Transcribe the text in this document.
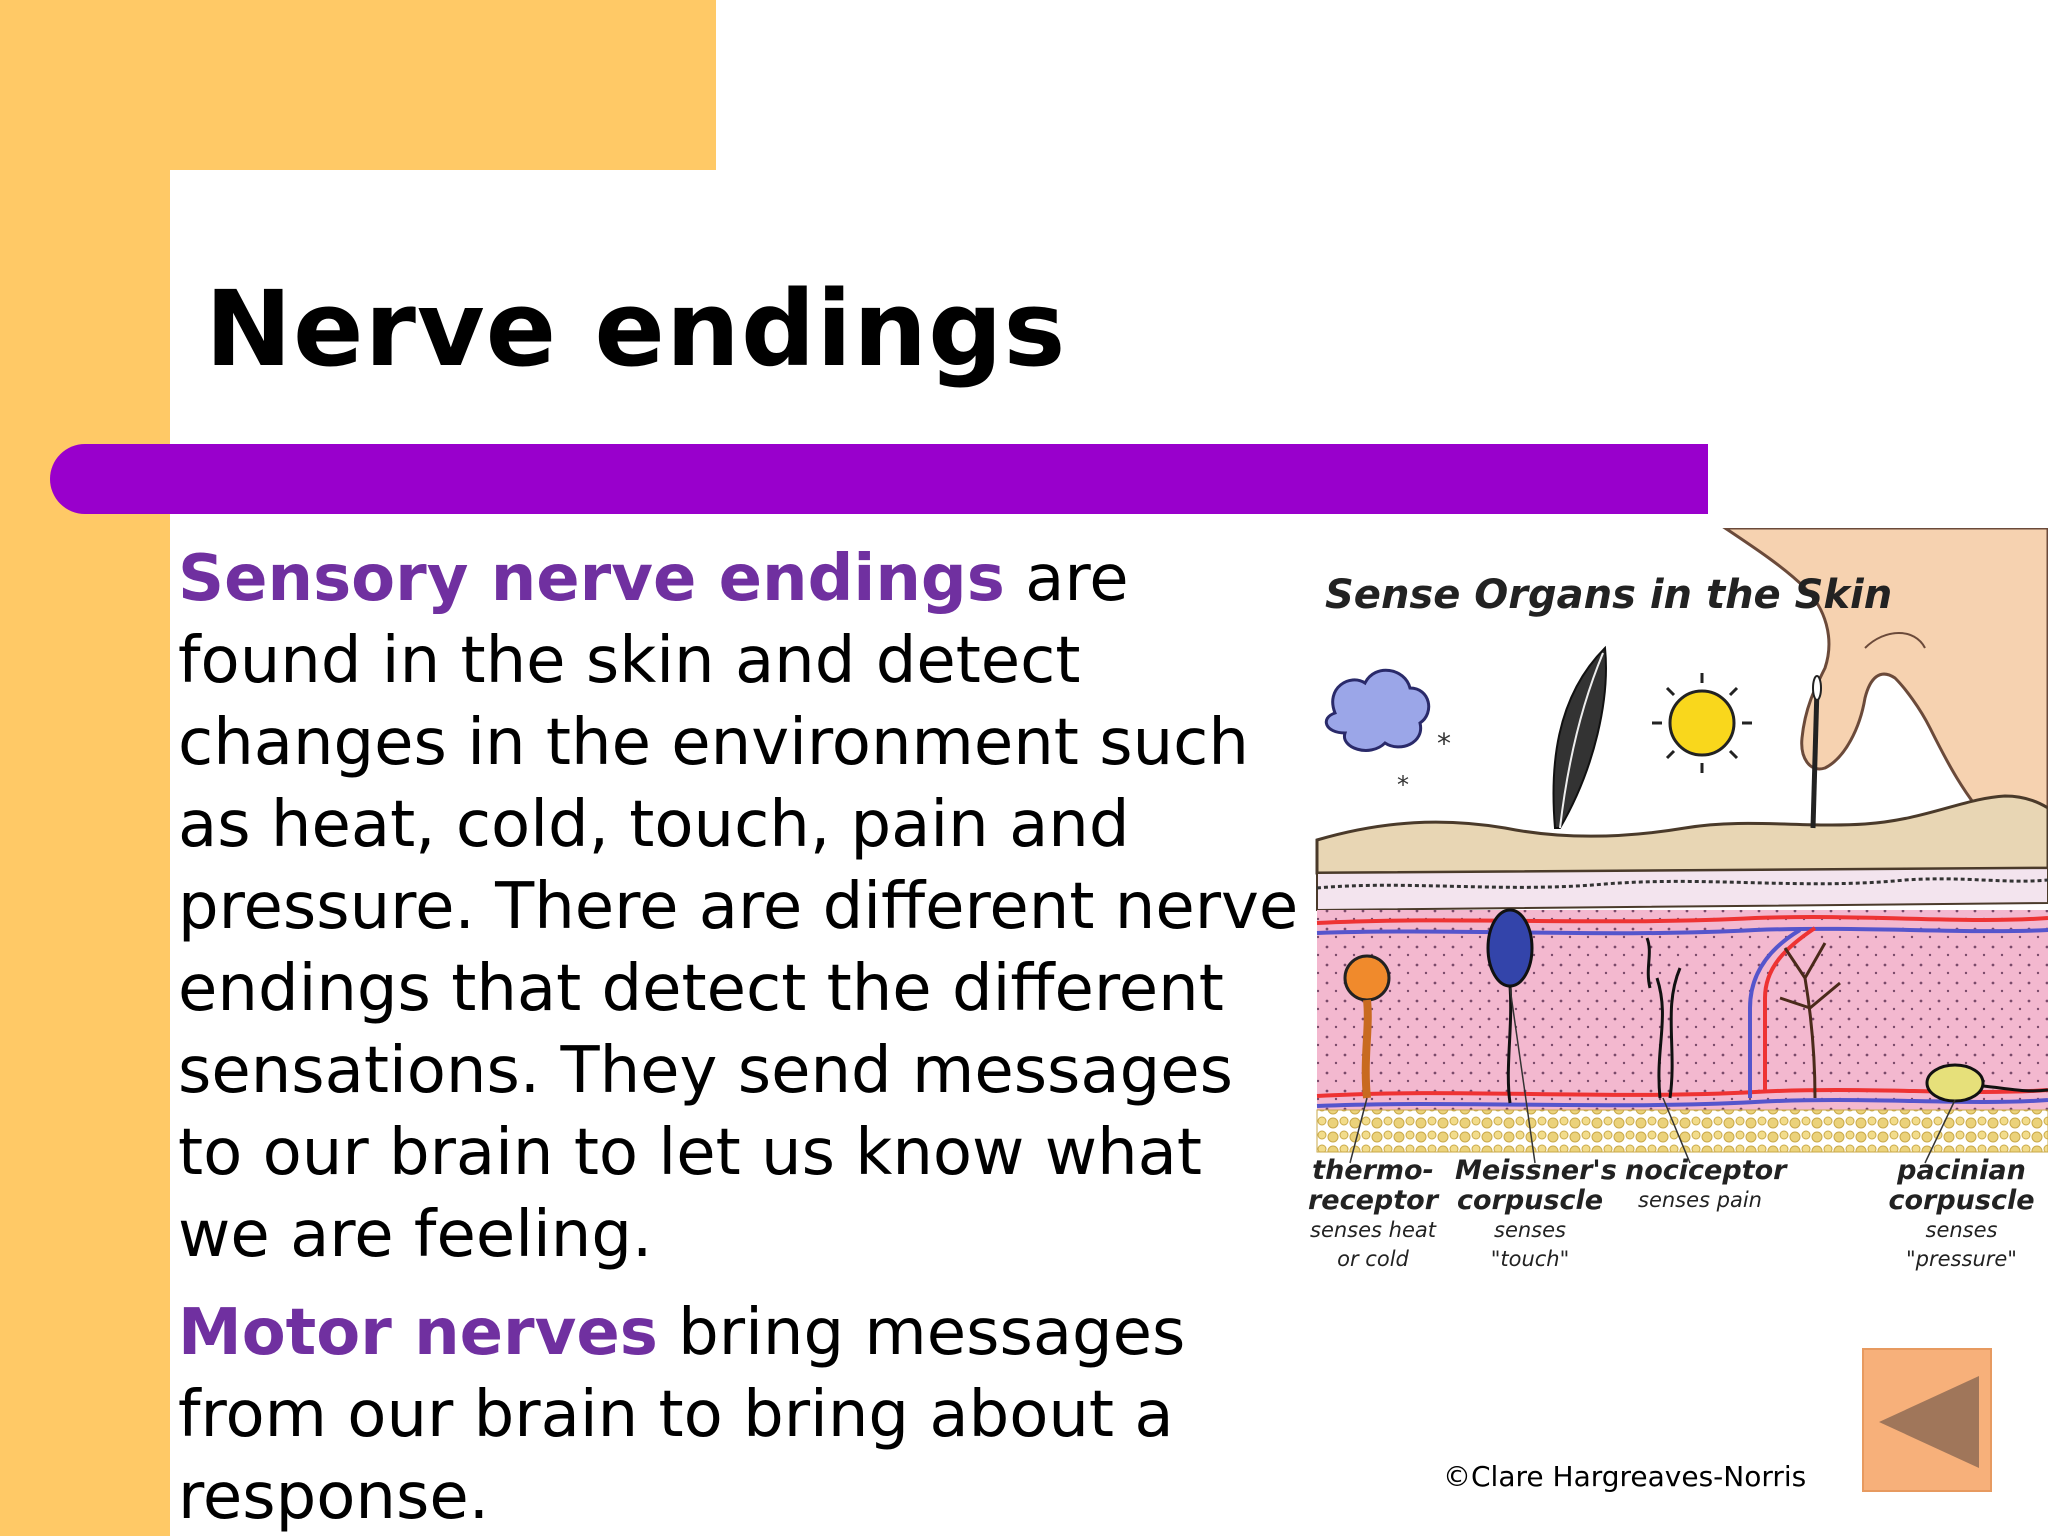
Nerve endings

Sensory nerve endings are found in the skin and detect changes in the environment such as heat, cold, touch, pain and pressure. There are different nerve endings that detect the different sensations. They send messages to our brain to let us know what we are feeling.

Motor nerves bring messages from our brain to bring about a response.

*
*
Sense Organs in the Skin
thermo-
receptor
senses heat
or cold
Meissner's
corpuscle
senses "touch"
nociceptor
senses pain
pacinian
corpuscle
senses "pressure"
©Clare Hargreaves-Norris
